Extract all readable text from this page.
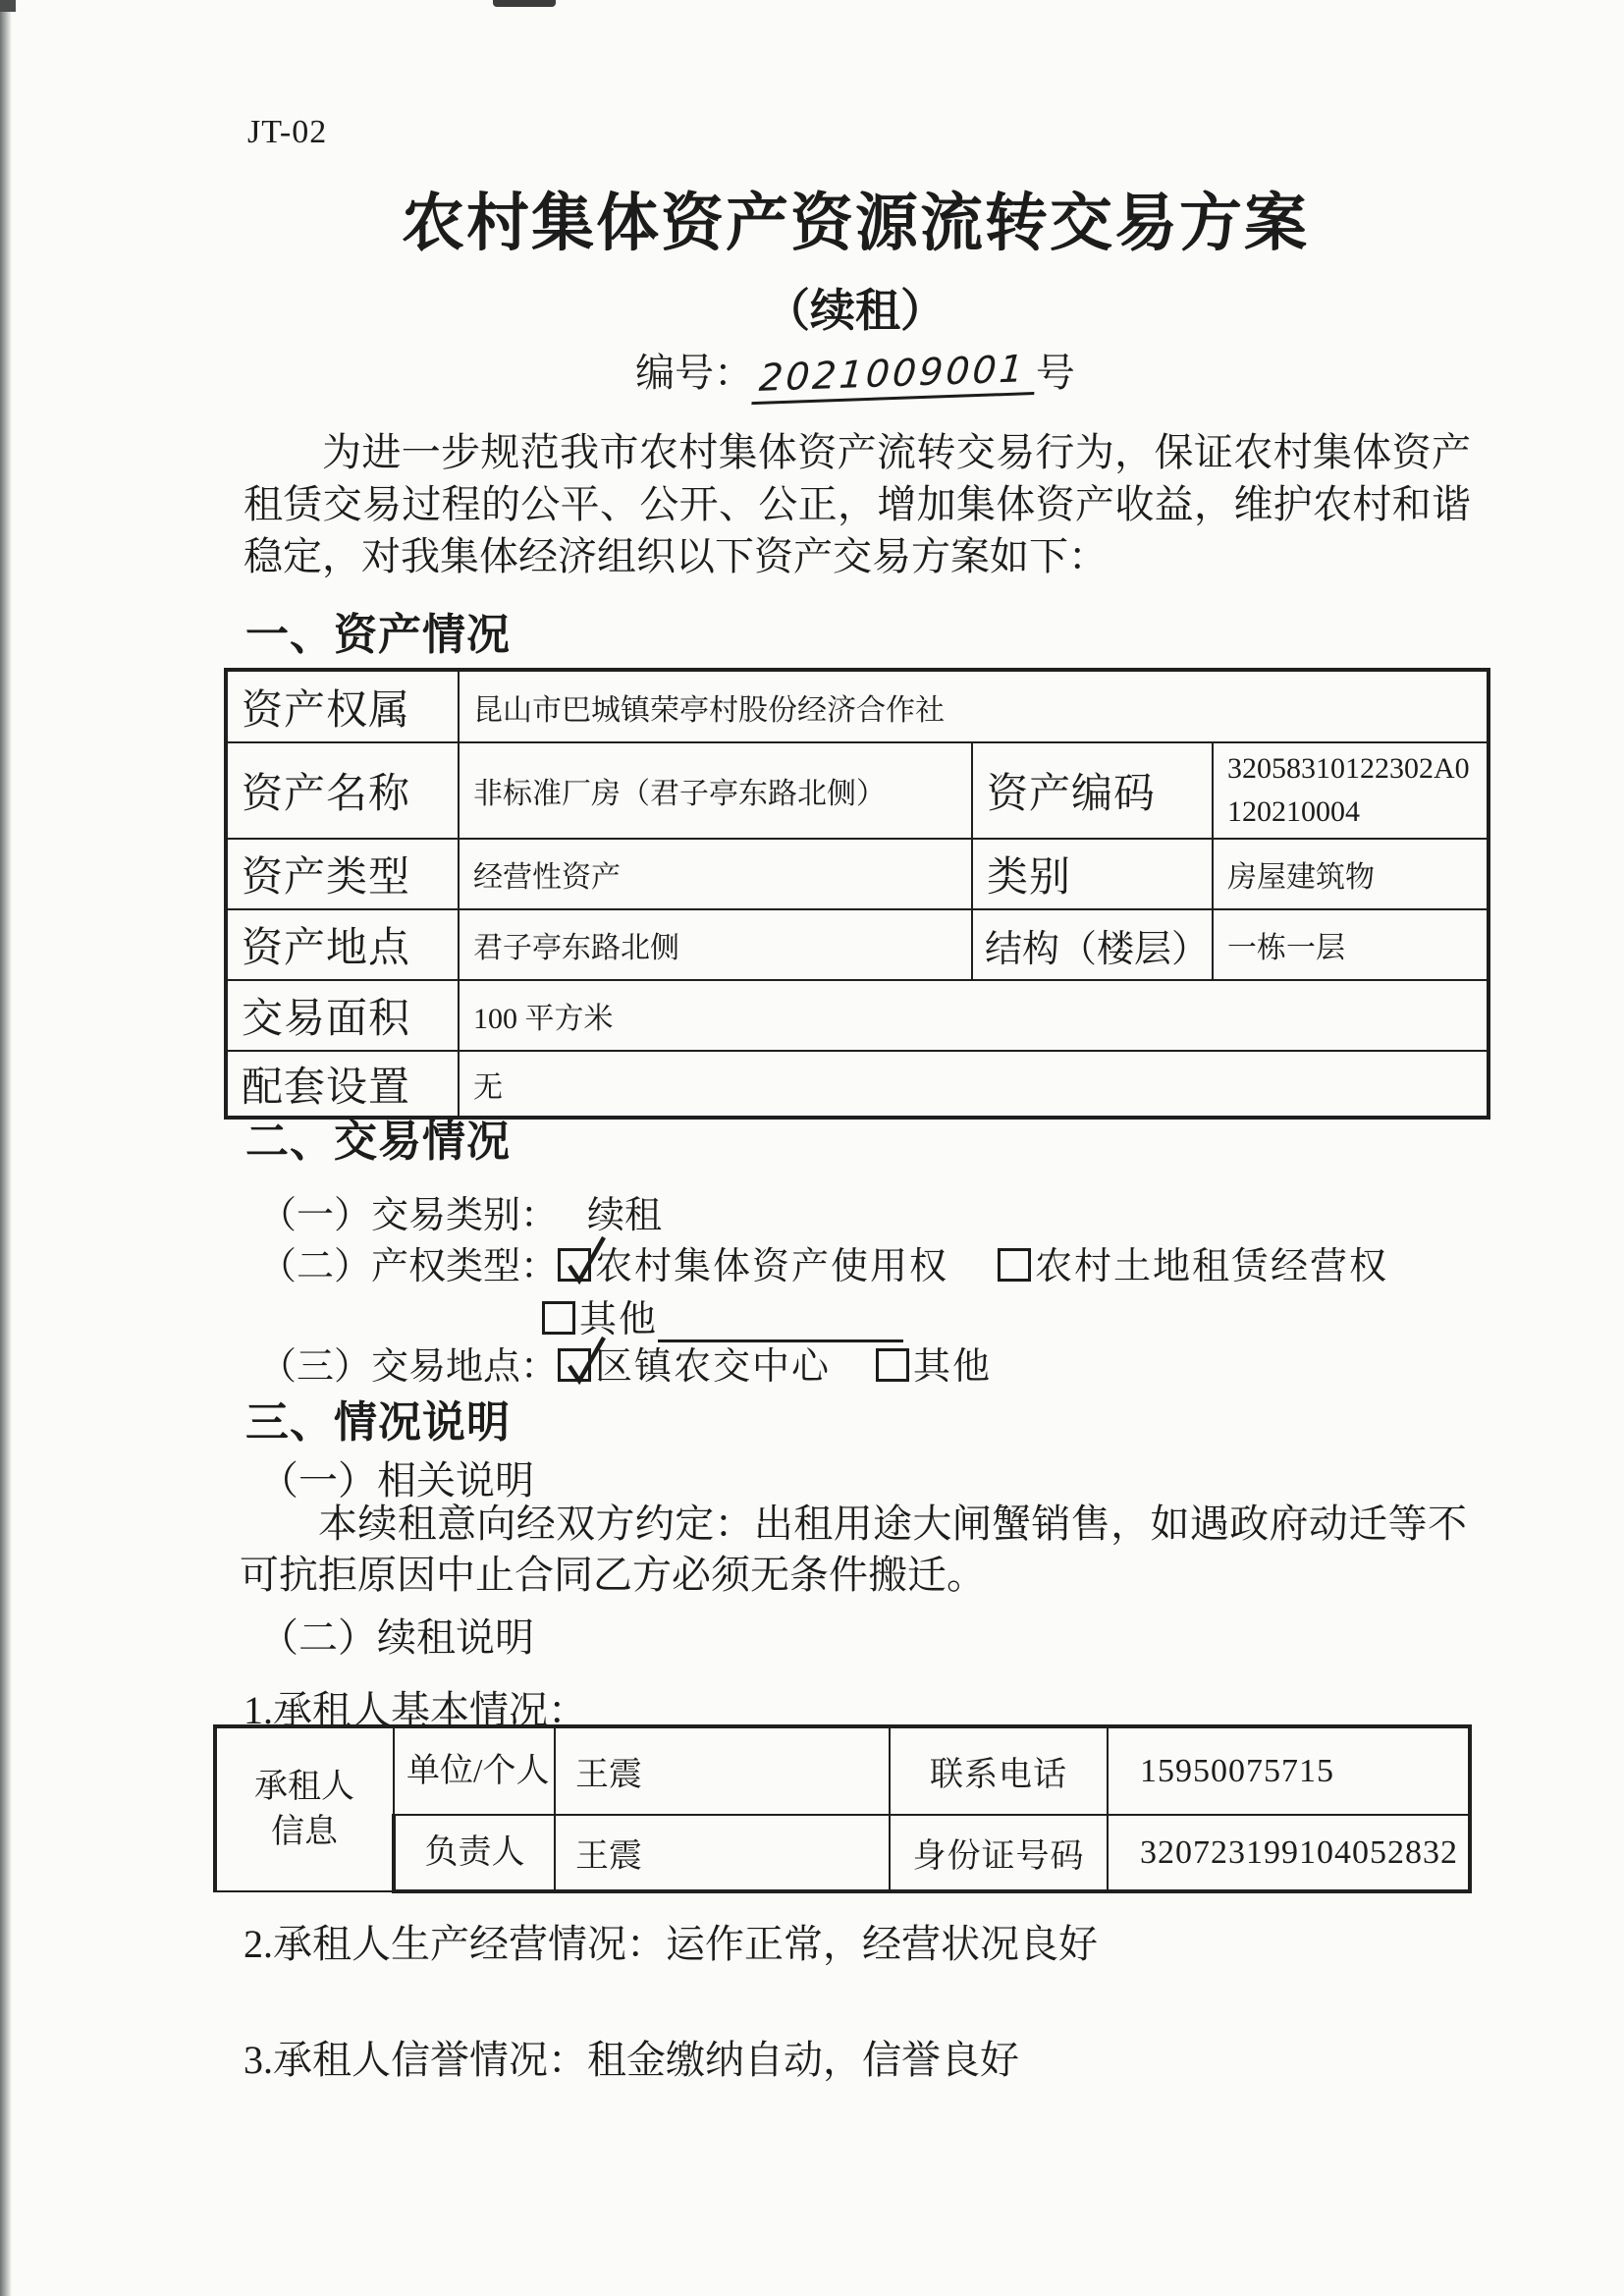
JT-02
农村集体资产资源流转交易方案
（续租）
编号： 2021009001 号
为进一步规范我市农村集体资产流转交易行为，保证农村集体资产租赁交易过程的公平、公开、公正，增加集体资产收益，维护农村和谐稳定，对我集体经济组织以下资产交易方案如下：
一、资产情况
资产权属	昆山市巴城镇荣亭村股份经济合作社		
资产名称	非标准厂房（君子亭东路北侧）	资产编码	32058310122302A0120210004
资产类型	经营性资产	类别	房屋建筑物
资产地点	君子亭东路北侧	结构（楼层）	一栋一层
交易面积	100 平方米		
配套设置	无		
二、交易情况
（一）交易类别： 续租
（二）产权类型： 农村集体资产使用权 农村土地租赁经营权
其他
（三）交易地点： 区镇农交中心 其他
三、情况说明
（一）相关说明
本续租意向经双方约定：出租用途大闸蟹销售，如遇政府动迁等不可抗拒原因中止合同乙方必须无条件搬迁。
（二）续租说明
1.承租人基本情况：
承租人信息	单位/个人	王震	联系电话	15950075715
	负责人	王震	身份证号码	320723199104052832
2.承租人生产经营情况：运作正常，经营状况良好
3.承租人信誉情况：租金缴纳自动，信誉良好
